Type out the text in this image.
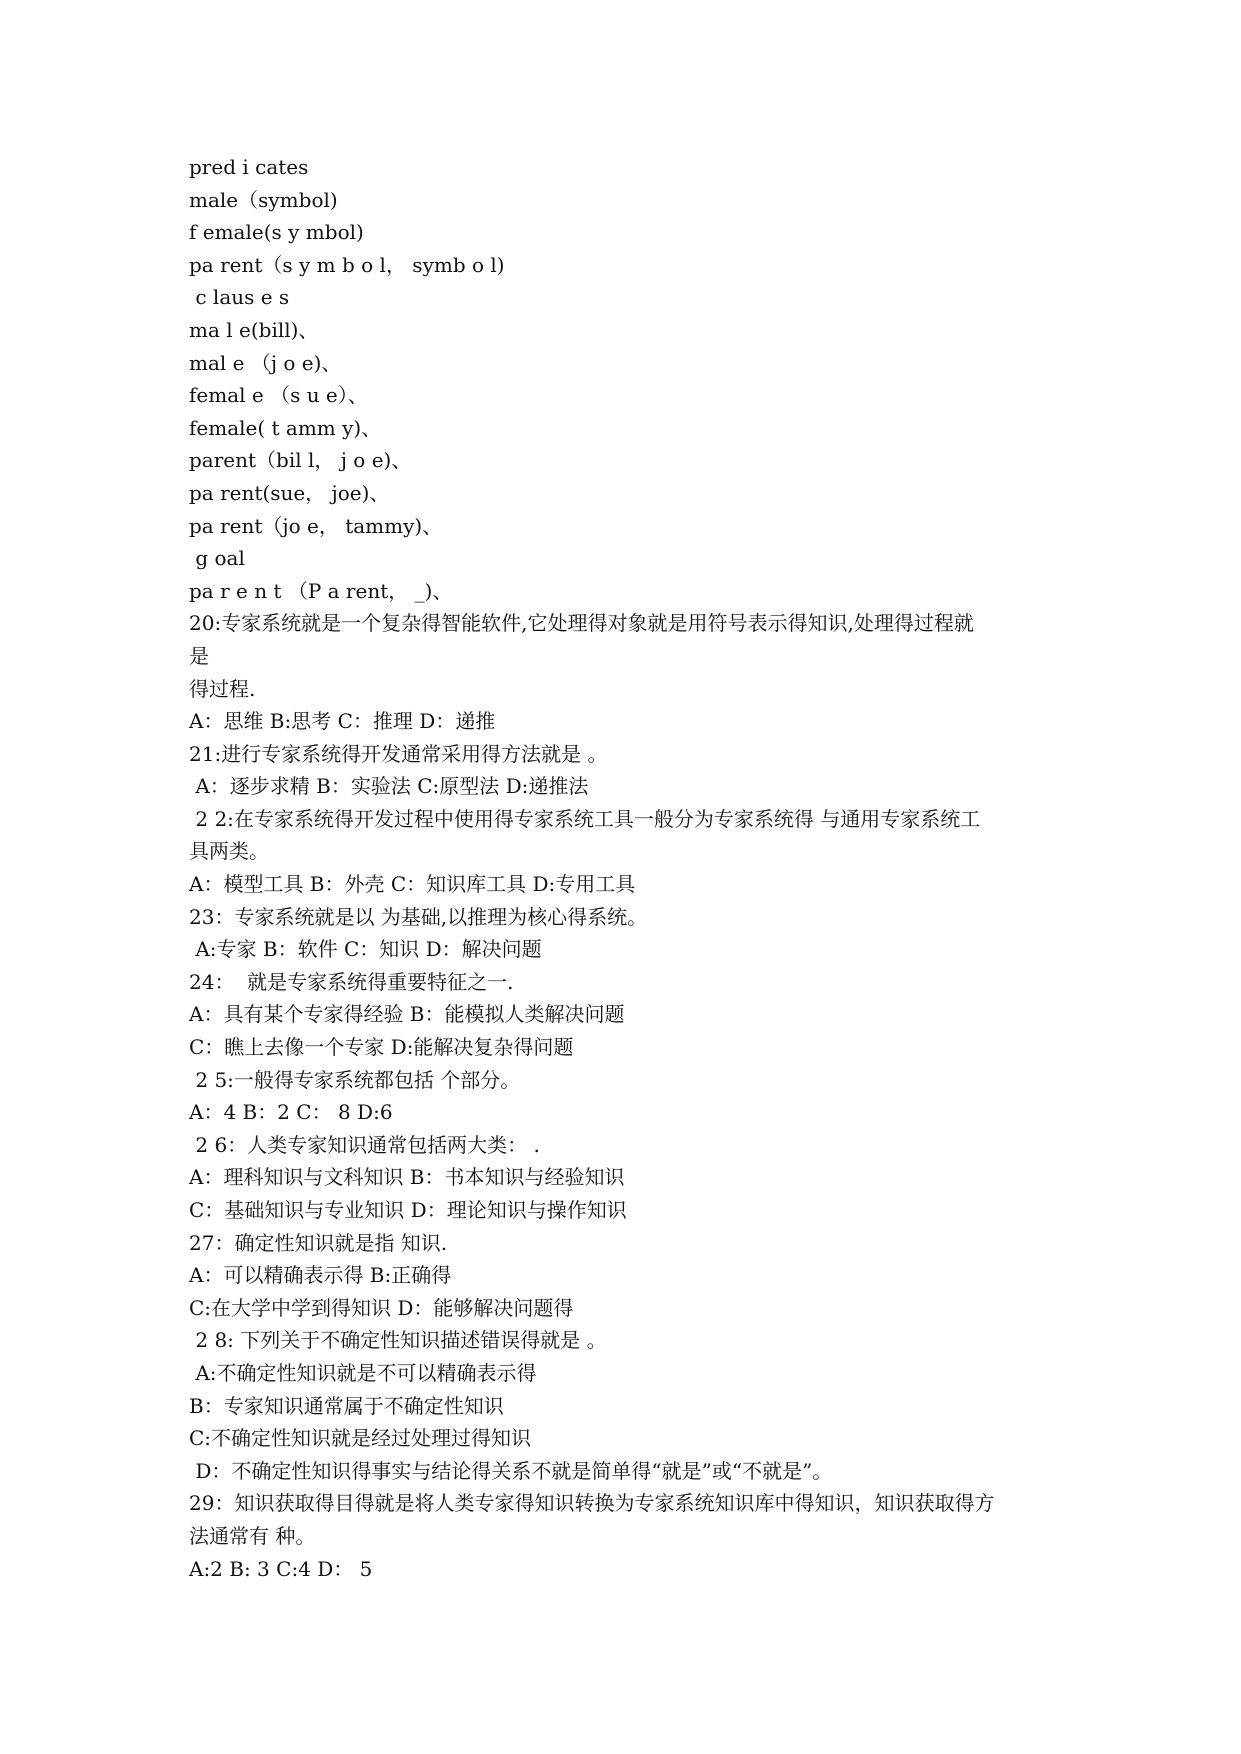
pred i cates
male（symbol)
f emale(s y mbol)
pa rent（s y m b o l， symb o l)
c laus e s
ma l e(bill)、
mal e （j o e)、
femal e （s u e）、
female( t amm y)、
parent（bil l， j o e)、
pa rent(sue， joe)、
pa rent（jo e， tammy)、
g oal
pa r e n t （P a rent， _)、
20:专家系统就是一个复杂得智能软件,它处理得对象就是用符号表示得知识,处理得过程就
是
得过程.
A：思维 B:思考 C：推理 D：递推
21:进行专家系统得开发通常采用得方法就是 。
A：逐步求精 B：实验法 C:原型法 D:递推法
2 2:在专家系统得开发过程中使用得专家系统工具一般分为专家系统得 与通用专家系统工
具两类。
A：模型工具 B：外壳 C：知识库工具 D:专用工具
23：专家系统就是以 为基础,以推理为核心得系统。
A:专家 B：软件 C：知识 D：解决问题
24：  就是专家系统得重要特征之一.
A：具有某个专家得经验 B：能模拟人类解决问题
C：瞧上去像一个专家 D:能解决复杂得问题
2 5:一般得专家系统都包括 个部分。
A：4 B：2 C： 8 D:6
2 6：人类专家知识通常包括两大类： .
A：理科知识与文科知识 B：书本知识与经验知识
C：基础知识与专业知识 D：理论知识与操作知识
27：确定性知识就是指 知识.
A：可以精确表示得 B:正确得
C:在大学中学到得知识 D：能够解决问题得
2 8: 下列关于不确定性知识描述错误得就是 。
A:不确定性知识就是不可以精确表示得
B：专家知识通常属于不确定性知识
C:不确定性知识就是经过处理过得知识
D：不确定性知识得事实与结论得关系不就是简单得“就是”或“不就是”。
29：知识获取得目得就是将人类专家得知识转换为专家系统知识库中得知识，知识获取得方
法通常有 种。
A:2 B: 3 C:4 D： 5
